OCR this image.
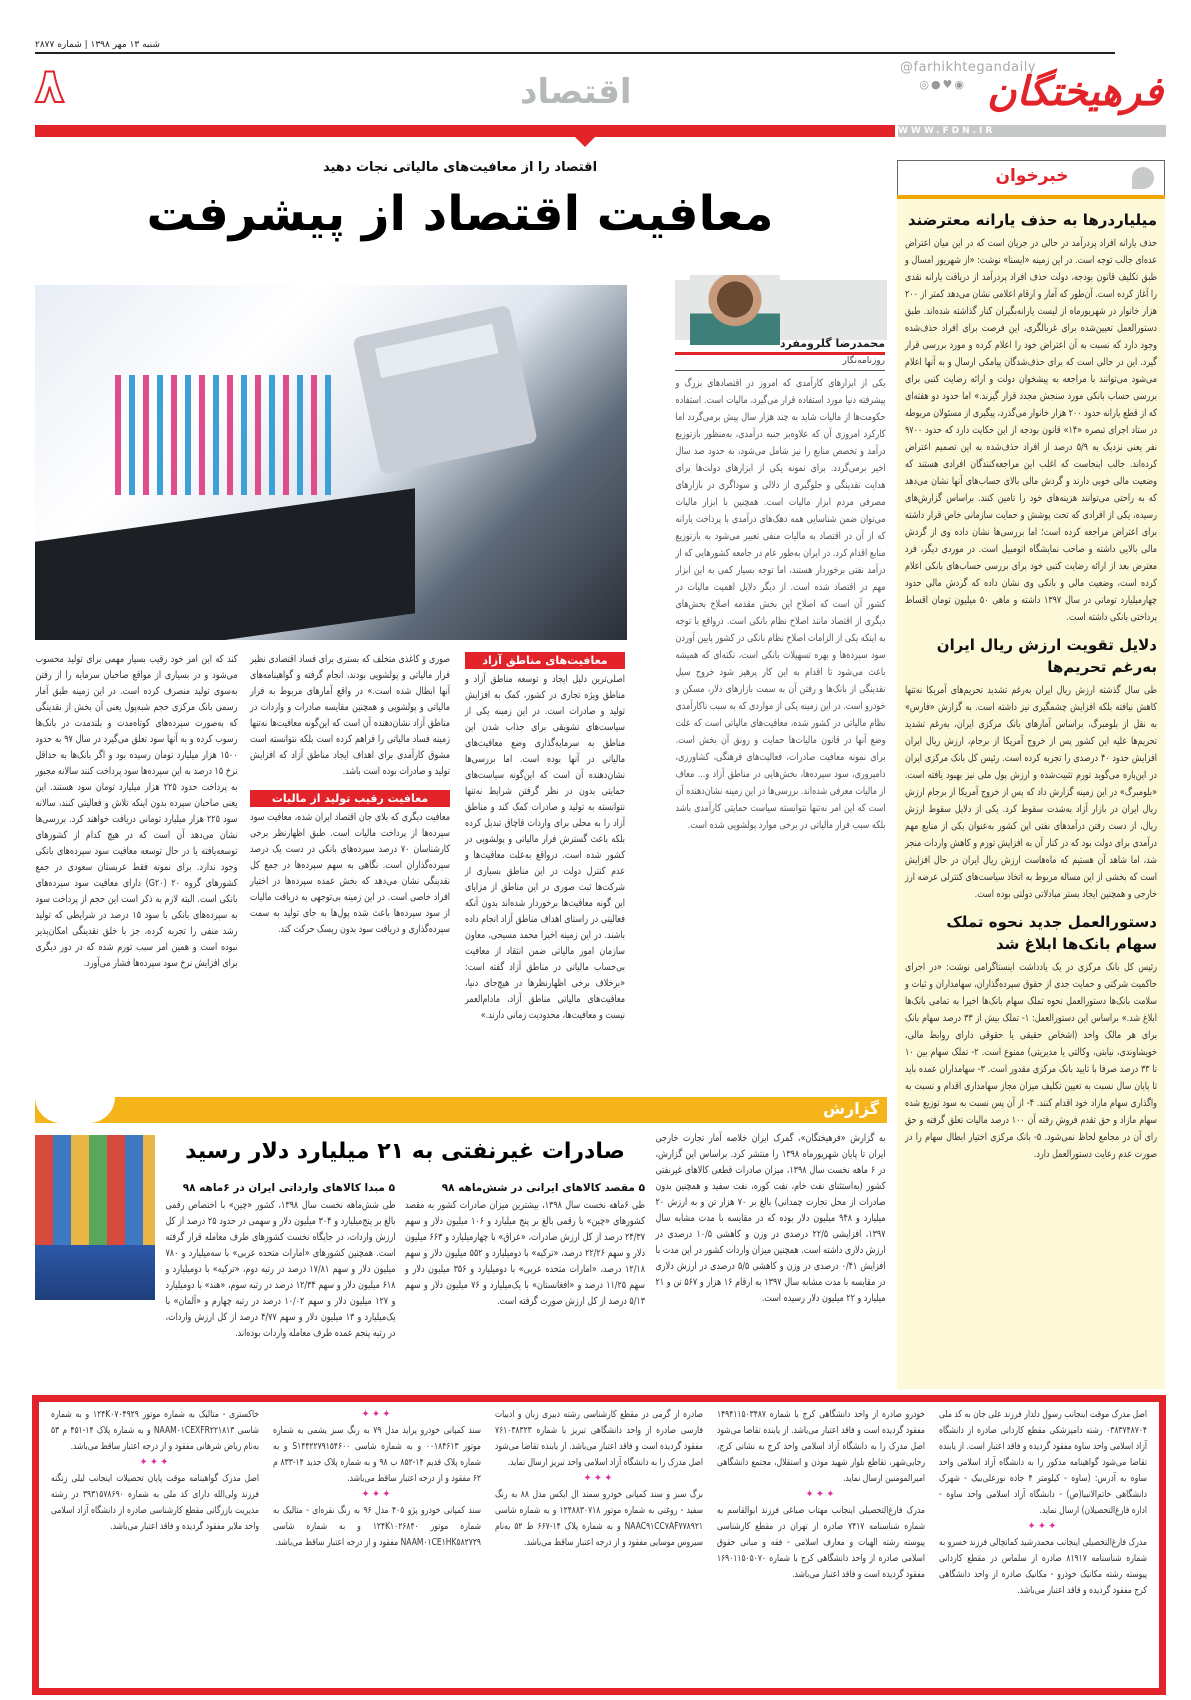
شنبه ۱۳ مهر ۱۳۹۸ | شماره ۲۸۷۷
فرهیختگان
@farhikhtegandaily
◎●♥◉
اقتصاد
۸
WWW.FDN.IR
خبرخوان
میلیاردرها به حذف یارانه معترضند

حذف یارانه افراد پردرآمد در حالی در جریان است که در این میان اعتراض عده‌ای جالب توجه است. در این زمینه «ایسنا» نوشت: «از شهریور امسال و طبق تکلیف قانون بودجه، دولت حذف افراد پردرآمد از دریافت یارانه نقدی را آغاز کرده است. آن‌طور که آمار و ارقام اعلامی نشان می‌دهد کمتر از ۲۰۰ هزار خانوار در شهریورماه از لیست یارانه‌بگیران کنار گذاشته شده‌اند. طبق دستورالعمل تعیین‌شده برای غربالگری، این فرصت برای افراد حذف‌شده وجود دارد که نسبت به آن اعتراض خود را اعلام کرده و مورد بررسی قرار گیرد. این در حالی است که برای حذف‌شدگان پیامکی ارسال و به آنها اعلام می‌شود می‌توانند با مراجعه به پیشخوان دولت و ارائه رضایت کتبی برای بررسی حساب بانکی مورد سنجش مجدد قرار گیرند.» اما حدود دو هفته‌ای که از قطع یارانه حدود ۲۰۰ هزار خانوار می‌گذرد، پیگیری از مسئولان مربوطه در ستاد اجرای تبصره «۱۴» قانون بودجه از این حکایت دارد که حدود ۹۷۰۰ نفر یعنی نزدیک به ۵/۹ درصد از افراد حذف‌شده به این تصمیم اعتراض کرده‌اند. جالب اینجاست که اغلب این مراجعه‌کنندگان افرادی هستند که وضعیت مالی خوبی دارند و گردش مالی بالای حساب‌های آنها نشان می‌دهد که به‌ راحتی می‌توانند هزینه‌های خود را تامین کنند. براساس گزارش‌های رسیده، یکی از افرادی که تحت پوشش و حمایت سازمانی خاص قرار داشته برای اعتراض مراجعه کرده است؛ اما بررسی‌ها نشان داده وی از گردش مالی بالایی داشته و صاحب نمایشگاه اتومبیل است. در موردی دیگر، فرد معترض بعد از ارائه رضایت کتبی خود برای بررسی حساب‌های بانکی اعلام کرده است، وضعیت مالی و بانکی وی نشان داده که گردش مالی حدود چهارمیلیارد تومانی در سال ۱۳۹۷ داشته و ماهی ۵۰ میلیون تومان اقساط پرداختی بانکی داشته است.

دلایل تقویت ارزش ریال ایران به‌رغم تحریم‌ها

طی سال گذشته ارزش ریال ایران به‌رغم تشدید تحریم‌های آمریکا نه‌تنها کاهش نیافته بلکه افزایش چشمگیری نیز داشته است. به گزارش «فارس» به نقل از بلومبرگ، براساس آمارهای بانک مرکزی ایران، به‌رغم تشدید تحریم‌ها علیه این کشور پس از خروج آمریکا از برجام، ارزش ریال ایران افزایش حدود ۴۰ درصدی را تجربه کرده است. رئیس کل بانک مرکزی ایران در این‌باره می‌گوید تورم تثبیت‌شده و ارزش پول ملی نیز بهبود یافته است. «بلومبرگ» در این زمینه گزارش داد که پس از خروج آمریکا از برجام ارزش ریال ایران در بازار آزاد به‌شدت سقوط کرد. یکی از دلایل سقوط ارزش ریال، از دست رفتن درآمدهای نفتی این کشور به‌عنوان یکی از منابع مهم درآمدی برای دولت بود که در کنار آن به افزایش تورم و کاهش واردات منجر شد، اما شاهد آن هستیم که ماه‌هاست ارزش ریال ایران در حال افزایش است که بخشی از این مساله مربوط به اتخاذ سیاست‌های کنترلی عرضه ارز خارجی و همچنین ایجاد بستر مبادلاتی دولتی بوده است.

دستورالعمل جدید نحوه تملک سهام بانک‌ها ابلاغ شد

رئیس کل بانک مرکزی در یک یادداشت اینستاگرامی نوشت: «در اجرای حاکمیت شرکتی و حمایت جدی از حقوق سپرده‌گذاران، سهامداران و ثبات و سلامت بانک‌ها دستورالعمل نحوه تملک سهام بانک‌ها اخیرا به تمامی بانک‌ها ابلاغ شد.» براساس این دستورالعمل: ۱- تملک بیش از ۳۳ درصد سهام بانک برای هر مالک واحد (اشخاص حقیقی یا حقوقی دارای روابط مالی، خویشاوندی، نیابتی، وکالتی یا مدیریتی) ممنوع است. ۲- تملک سهام بین ۱۰ تا ۳۳ درصد صرفا با تایید بانک مرکزی مقدور است. ۳- سهامداران عمده باید تا پایان سال نسبت به تعیین تکلیف میزان مجاز سهامداری اقدام و نسبت به واگذاری سهام مازاد خود اقدام کنند. ۴- از آن پس نسبت به سود توزیع شده سهام مازاد و حق تقدم فروش رفته آن ۱۰۰ درصد مالیات تعلق گرفته و حق رای آن در مجامع لحاظ نمی‌شود. ۵- بانک مرکزی اختیار ابطال سهام را در صورت عدم رعایت دستورالعمل دارد.

اقتصاد را از معافیت‌های مالیاتی نجات دهید
معافیت اقتصاد از پیشرفت
محمدرضا گلرومفرد
روزنامه‌نگار

یکی از ابزارهای کارآمدی که امروز در اقتصادهای بزرگ و پیشرفته دنیا مورد استفاده قرار می‌گیرد، مالیات است. استفاده حکومت‌ها از مالیات شاید به چند هزار سال پیش برمی‌گردد اما کارکرد امروزی آن که علاوه‌بر جنبه درآمدی، به‌منظور بازتوزیع درآمد و تخصص منابع را نیز شامل می‌شود، به حدود صد سال اخیر برمی‌گردد. برای نمونه یکی از ابزارهای دولت‌ها برای هدایت نقدینگی و جلوگیری از دلالی و سوداگری در بازارهای مصرفی مردم ابزار مالیات است. همچنین با ابزار مالیات می‌توان ضمن شناسایی همه دهک‌های درآمدی با پرداخت یارانه که از آن در اقتصاد به مالیات منفی تعبیر می‌شود به بازتوزیع منابع اقدام کرد. در ایران به‌طور عام در جامعه کشورهایی که از درآمد نفتی برخوردار هستند، اما توجه بسیار کمی به این ابزار مهم در اقتصاد شده است. از دیگر دلایل اهمیت مالیات در کشور آن است که اصلاح این بخش مقدمه اصلاح بخش‌های دیگری از اقتصاد مانند اصلاح نظام بانکی است. درواقع با توجه به اینکه یکی از الزامات اصلاح نظام بانکی در کشور پایین آوردن سود سپرده‌ها و بهره تسهیلات بانکی است، نکته‌ای که همیشه باعث می‌شود تا اقدام به این کار پرهیز شود خروج سیل نقدینگی از بانک‌ها و رفتن آن به سمت بازارهای دلار، مسکن و خودرو است. در این زمینه یکی از مواردی که به سبب ناکارآمدی نظام مالیاتی در کشور شده، معافیت‌های مالیاتی است که علت وضع آنها در قانون مالیات‌ها حمایت و رونق آن بخش است. برای نمونه معافیت صادرات، فعالیت‌های فرهنگی، کشاورزی، دامپروری، سود سپرده‌ها، بخش‌هایی در مناطق آزاد و... معاف از مالیات معرفی شده‌اند. بررسی‌ها در این زمینه نشان‌دهنده آن است که این امر نه‌تنها نتوانسته سیاست حمایتی کارآمدی باشد بلکه سبب فرار مالیاتی در برخی موارد پولشویی شده است.

معافیت‌های مناطق آزاد

اصلی‌ترین دلیل ایجاد و توسعه مناطق آزاد و مناطق ویژه تجاری در کشور، کمک به افزایش تولید و صادرات است. در این زمینه یکی از سیاست‌های تشویقی برای جذاب شدن این مناطق به سرمایه‌گذاری وضع معافیت‌های مالیاتی در آنها بوده است. اما بررسی‌ها نشان‌دهنده آن است که این‌گونه سیاست‌های حمایتی بدون در نظر گرفتن شرایط نه‌تنها نتوانسته به تولید و صادرات کمک کند و مناطق آزاد را به محلی برای واردات قاچاق تبدیل کرده بلکه باعث گسترش فرار مالیاتی و پولشویی در کشور شده است. درواقع به‌علت معافیت‌ها و عدم کنترل دولت در این مناطق بسیاری از شرکت‌ها ثبت صوری در این مناطق از مزایای این گونه معافیت‌ها برخوردار شده‌اند بدون آنکه فعالیتی در راستای اهداف مناطق آزاد انجام داده باشند. در این زمینه اخیرا محمد مسیحی، معاون سازمان امور مالیاتی ضمن انتقاد از معافیت بی‌حساب مالیاتی در مناطق آزاد گفته است: «برخلاف برخی اظهارنظرها در هیچ‌جای دنیا، معافیت‌های مالیاتی مناطق آزاد، مادام‌العمر نیست و معافیت‌ها، محدودیت زمانی دارند.»

صوری و کاغذی متخلف که بستری برای فساد اقتصادی نظیر فرار مالیاتی و پولشویی بودند، انجام گرفته و گواهینامه‌های آنها ابطال شده است.» در واقع آمارهای مربوط به فرار مالیاتی و پولشویی و همچنین مقایسه صادرات و واردات در مناطق آزاد نشان‌دهنده آن است که این‌گونه معافیت‌ها نه‌تنها زمینه فساد مالیاتی را فراهم کرده است بلکه نتوانسته است مشوق کارآمدی برای اهداف ایجاد مناطق آزاد که افزایش تولید و صادرات بوده است باشد.

معافیت رقیب تولید از مالیات

معافیت دیگری که بلای جان اقتصاد ایران شده، معافیت سود سپرده‌ها از پرداخت مالیات است. طبق اظهارنظر برخی کارشناسان ۷۰ درصد سپرده‌های بانکی در دست یک درصد سپرده‌گذاران است. نگاهی به سهم سپرده‌ها در جمع کل نقدینگی نشان می‌دهد که بخش عمده سپرده‌ها در اختیار افراد خاصی است. در این زمینه بی‌توجهی به دریافت مالیات از سود سپرده‌ها باعث شده پول‌ها به جای تولید به سمت سپرده‌گذاری و دریافت سود بدون ریسک حرکت کند.

کند که این امر خود رقیب بسیار مهمی برای تولید محسوب می‌شود و در بسیاری از مواقع صاحبان سرمایه را از رفتن به‌سوی تولید منصرف کرده است. در این زمینه طبق آمار رسمی بانک مرکزی حجم شبه‌پول یعنی آن بخش از نقدینگی که به‌صورت سپرده‌های کوتاه‌مدت و بلندمدت در بانک‌ها رسوب کرده و به آنها سود تعلق می‌گیرد در سال ۹۷ به حدود ۱۵۰۰ هزار میلیارد تومان رسیده بود و اگر بانک‌ها به حداقل نرخ ۱۵ درصد به این سپرده‌ها سود پرداخت کنند سالانه مجبور به پرداخت حدود ۲۲۵ هزار میلیارد تومان سود هستند. این یعنی صاحبان سپرده بدون اینکه تلاش و فعالیتی کنند، سالانه سود ۲۲۵ هزار میلیارد تومانی دریافت خواهند کرد. بررسی‌ها نشان می‌دهد آن است که در هیچ کدام از کشورهای توسعه‌یافته یا در حال توسعه معافیت سود سپرده‌های بانکی وجود ندارد. برای نمونه فقط عربستان سعودی در جمع کشورهای گروه ۲۰ (G۲۰) دارای معافیت سود سپرده‌های بانکی است. البته لازم به ذکر است این حجم از پرداخت سود به سپرده‌های بانکی با سود ۱۵ درصد در شرایطی که تولید رشد منفی را تجربه کرده، جز با خلق نقدینگی امکان‌پذیر نبوده است و همین امر سبب تورم شده که در دور دیگری برای افزایش نرخ سود سپرده‌ها فشار می‌آورد.

گزارش
صادرات غیرنفتی به ۲۱ میلیارد دلار رسید

به گزارش «فرهیختگان»، گمرک ایران خلاصه آمار تجارت خارجی ایران تا پایان شهریورماه ۱۳۹۸ را منتشر کرد. براساس این گزارش، در ۶ ماهه نخست سال ۱۳۹۸، میزان صادرات قطعی کالاهای غیرنفتی کشور (به‌استثنای نفت خام، نفت کوره، نفت سفید و همچنین بدون صادرات از محل تجارت چمدانی) بالغ بر ۷۰ هزار تن و به ارزش ۲۰ میلیارد و ۹۴۸ میلیون دلار بوده که در مقایسه با مدت مشابه سال ۱۳۹۷، افزایشی ۲۲/۵ درصدی در وزن و کاهشی ۱۰/۵ درصدی در ارزش دلاری داشته است. همچنین میزان واردات کشور در این مدت با افزایش ۰/۴۱ درصدی در وزن و کاهشی ۵/۵ درصدی در ارزش دلاری در مقایسه با مدت مشابه سال ۱۳۹۷ به ارقام ۱۶ هزار و ۵۶۷ تن و ۲۱ میلیارد و ۲۲ میلیون دلار رسیده است.

۵ مقصد کالاهای ایرانی در شش‌ماهه ۹۸

طی ۶ماهه نخست سال ۱۳۹۸، بیشترین میزان صادرات کشور به مقصد کشورهای «چین» با رقمی بالغ بر پنج میلیارد و ۱۰۶ میلیون دلار و سهم ۲۴/۳۷ درصد از کل ارزش صادرات، «عراق» با چهارمیلیارد و ۶۶۳ میلیون دلار و سهم ۲۲/۲۶ درصد، «ترکیه» با دومیلیارد و ۵۵۲ میلیون دلار و سهم ۱۲/۱۸ درصد، «امارات متحده عربی» با دومیلیارد و ۳۵۶ میلیون دلار و سهم ۱۱/۲۵ درصد و «افغانستان» با یک‌میلیارد و ۷۶ میلیون دلار و سهم ۵/۱۳ درصد از کل ارزش صورت گرفته است.

۵ مبدا کالاهای وارداتی ایران در ۶ماهه ۹۸

طی شش‌ماهه نخست سال ۱۳۹۸، کشور «چین» با اختصاص رقمی بالغ بر پنج‌میلیارد و ۳۰۴ میلیون دلار و سهمی در حدود ۲۵ درصد از کل ارزش واردات، در جایگاه نخست کشورهای طرف معامله قرار گرفته است. همچنین کشورهای «امارات متحده عربی» با سه‌میلیارد و ۷۸۰ میلیون دلار و سهم ۱۷/۸۱ درصد در رتبه دوم، «ترکیه» با دومیلیارد و ۶۱۸ میلیون دلار و سهم ۱۲/۳۴ درصد در رتبه سوم، «هند» با دومیلیارد و ۱۲۷ میلیون دلار و سهم ۱۰/۰۲ درصد در رتبه چهارم و «آلمان» با یک‌میلیارد و ۱۳ میلیون دلار و سهم ۴/۷۷ درصد از کل ارزش واردات، در رتبه پنجم عمده طرف معامله واردات بوده‌اند.

اصل مدرک موقت اینجانب رسول دلدار فرزند علی جان به کد ملی ۰۳۸۳۷۴۸۷۰۴ رشته دامپزشکی مقطع کاردانی صادره از دانشگاه آزاد اسلامی واحد ساوه مفقود گردیده و فاقد اعتبار است. از یابنده تقاضا می‌شود گواهینامه مذکور را به دانشگاه آزاد اسلامی واحد ساوه به آدرس: (ساوه - کیلومتر ۴ جاده نورعلی‌بیک - شهرک دانشگاهی خاتم‌الانبیا(ص) - دانشگاه آزاد اسلامی واحد ساوه - اداره فارغ‌التحصیلان) ارسال نماید.

✦✦✦

مدرک فارغ‌التحصیلی اینجانب محمدرشید کمانچالی فرزند خسرو به شماره شناسنامه ۸۱۹۱۷ صادره از سلماس در مقطع کاردانی پیوسته رشته مکانیک خودرو - مکانیک صادره از واحد دانشگاهی کرج مفقود گردیده و فاقد اعتبار می‌باشد.

خودرو صادره از واحد دانشگاهی کرج با شماره ۱۴۹۴۱۱۵۰۳۴۸۷ مفقود گردیده است و فاقد اعتبار می‌باشد. از یابنده تقاضا می‌شود اصل مدرک را به دانشگاه آزاد اسلامی واحد کرج به نشانی کرج، رجایی‌شهر، تقاطع بلوار شهید موذن و استقلال، مجتمع دانشگاهی امیرالمومنین ارسال نماید.

✦✦✦

مدرک فارغ‌التحصیلی اینجانب مهتاب صباغی فرزند ابوالقاسم به شماره شناسنامه ۷۴۱۷ صادره از تهران در مقطع کارشناسی پیوسته رشته الهیات و معارف اسلامی - فقه و مبانی حقوق اسلامی صادره از واحد دانشگاهی کرج با شماره ۱۶۹۰۱۱۵۰۵۰۷۰ مفقود گردیده است و فاقد اعتبار می‌باشد.

صادره از گرمی در مقطع کارشناسی رشته دبیری زبان و ادبیات فارسی صادره از واحد دانشگاهی تبریز با شماره ۷۶۱۰۳۸۳۲۳ مفقود گردیده است و فاقد اعتبار می‌باشد. از یابنده تقاضا می‌شود اصل مدرک را به دانشگاه آزاد اسلامی واحد تبریز ارسال نماید.

✦✦✦

برگ سبز و سند کمپانی خودرو سمند ال ایکس مدل ۸۸ به رنگ سفید - روغنی به شماره موتور ۱۲۴۸۸۳۰۷۱۸ و به شماره شاسی NAAC۹۱CC۷AF۷۷۸۹۲۱ و به شماره پلاک ۱۴-۶۶۷ ط ۵۲ به‌نام سیروس موسایی مفقود و از درجه اعتبار ساقط می‌باشد.

✦✦✦

سند کمپانی خودرو پراید مدل ۷۹ به رنگ سبز یشمی به شماره موتور ۰۰۱۸۴۶۱۳ و به شماره شاسی S۱۴۴۲۲۷۹۱۵۴۶۰۰ و به شماره پلاک قدیم ۱۴-۸۵۲ ب ۹۸ و به شماره پلاک جدید ۱۴-۸۳۳ م ۶۲ مفقود و از درجه اعتبار ساقط می‌باشد.

✦✦✦

سند کمپانی خودرو پژو ۴۰۵ مدل ۹۶ به رنگ نقره‌ای - متالیک به شماره موتور ۱۲۴K۱۰۲۶۸۴۰ و به شماره شاسی NAAM۰۱CE۱HK۵۸۲۷۲۹ مفقود و از درجه اعتبار ساقط می‌باشد.

خاکستری - متالیک به شماره موتور ۱۲۴K۰۷۰۴۹۲۹ و به شماره شاسی NAAM۰۱CEXFR۲۲۱۸۱۳ و به شماره پلاک ۱۴-۴۵۱ م ۵۳ به‌نام ریاض شرهانی مفقود و از درجه اعتبار ساقط می‌باشد.

✦✦✦

اصل مدرک گواهینامه موقت پایان تحصیلات اینجانب لیلی زنگنه فرزند ولی‌الله دارای کد ملی به شماره ۳۹۳۱۵۷۸۶۹۰ در رشته مدیریت بازرگانی مقطع کارشناسی صادره از دانشگاه آزاد اسلامی واحد ملایر مفقود گردیده و فاقد اعتبار می‌باشد.
